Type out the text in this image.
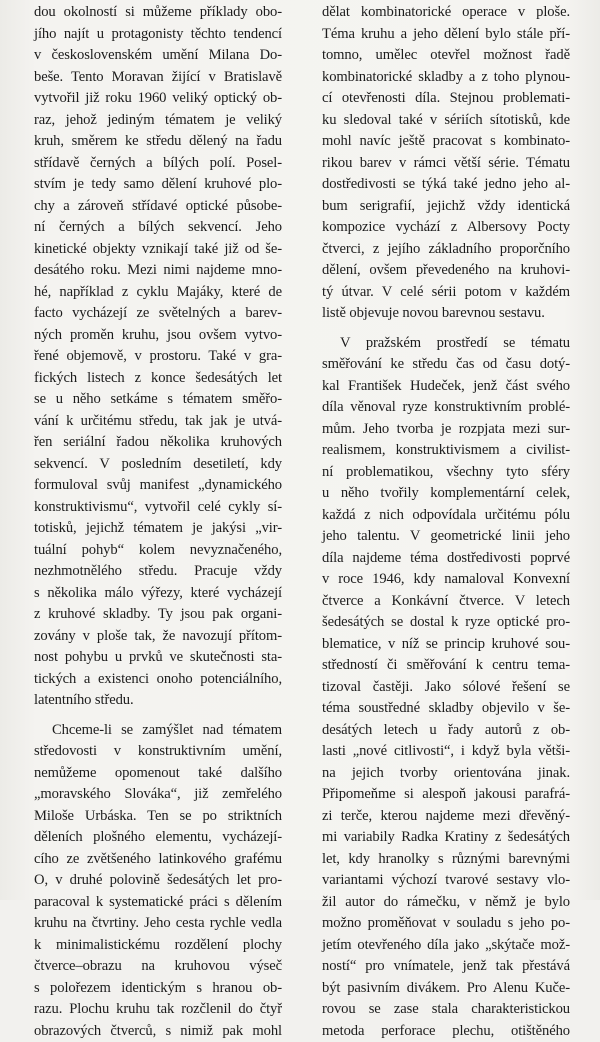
dou okolností si můžeme příklady obo-
jího najít u protagonisty těchto tendencí
v československém umění Milana Do-
beše. Tento Moravan žijící v Bratislavě
vytvořil již roku 1960 veliký optický ob-
raz, jehož jediným tématem je veliký
kruh, směrem ke středu dělený na řadu
střídavě černých a bílých polí. Posel-
stvím je tedy samo dělení kruhové plo-
chy a zároveň střídavé optické působe-
ní černých a bílých sekvencí. Jeho
kinetické objekty vznikají také již od še-
desátého roku. Mezi nimi najdeme mno-
hé, například z cyklu Majáky, které de
facto vycházejí ze světelných a barev-
ných proměn kruhu, jsou ovšem vytvo-
řené objemově, v prostoru. Také v gra-
fických listech z konce šedesátých let
se u něho setkáme s tématem směřo-
vání k určitému středu, tak jak je utvá-
řen seriální řadou několika kruhových
sekvencí. V posledním desetiletí, kdy
formuloval svůj manifest „dynamického
konstruktivismu“, vytvořil celé cykly sí-
totisků, jejichž tématem je jakýsi „vir-
tuální pohyb“ kolem nevyznačeného,
nezhmotnělého středu. Pracuje vždy
s několika málo výřezy, které vycházejí
z kruhové skladby. Ty jsou pak organi-
zovány v ploše tak, že navozují přítom-
nost pohybu u prvků ve skutečnosti sta-
tických a existenci onoho potenciálního,
latentního středu.
Chceme-li se zamýšlet nad tématem
středovosti v konstruktivním umění,
nemůžeme opomenout také dalšího
„moravského Slováka“, již zemřelého
Miloše Urbáska. Ten se po striktních
děleních plošného elementu, vycházejí-
cího ze zvětšeného latinkového grafému
O, v druhé polovině šedesátých let pro-
paracoval k systematické práci s dělením
kruhu na čtvrtiny. Jeho cesta rychle vedla
k minimalistickému rozdělení plochy
čtverce–obrazu na kruhovou výseč
s polořezem identickým s hranou ob-
razu. Plochu kruhu tak rozčlenil do čtyř
obrazových čtverců, s nimiž pak mohl
dělat kombinatorické operace v ploše.
Téma kruhu a jeho dělení bylo stále pří-
tomno, umělec otevřel možnost řadě
kombinatorické skladby a z toho plynou-
cí otevřenosti díla. Stejnou problemati-
ku sledoval také v sériích sítotisků, kde
mohl navíc ještě pracovat s kombinato-
rikou barev v rámci větší série. Tématu
dostředivosti se týká také jedno jeho al-
bum serigrafií, jejichž vždy identická
kompozice vychází z Albersovy Pocty
čtverci, z jejího základního proporčního
dělení, ovšem převedeného na kruhovi-
tý útvar. V celé sérii potom v každém
listě objevuje novou barevnou sestavu.
V pražském prostředí se tématu
směřování ke středu čas od času dotý-
kal František Hudeček, jenž část svého
díla věnoval ryze konstruktivním problé-
mům. Jeho tvorba je rozpjata mezi sur-
realismem, konstruktivismem a civilist-
ní problematikou, všechny tyto sféry
u něho tvořily komplementární celek,
každá z nich odpovídala určitému pólu
jeho talentu. V geometrické linii jeho
díla najdeme téma dostředivosti poprvé
v roce 1946, kdy namaloval Konvexní
čtverce a Konkávní čtverce. V letech
šedesátých se dostal k ryze optické pro-
blematice, v níž se princip kruhové sou-
středností či směřování k centru tema-
tizoval častěji. Jako sólové řešení se
téma soustředné skladby objevilo v še-
desátých letech u řady autorů z ob-
lasti „nové citlivosti“, i když byla větši-
na jejich tvorby orientována jinak.
Připomeňme si alespoň jakousi parafrá-
zi terče, kterou najdeme mezi dřevěný-
mi variabily Radka Kratiny z šedesátých
let, kdy hranolky s různými barevnými
variantami výchozí tvarové sestavy vlo-
žil autor do rámečku, v němž je bylo
možno proměňovat v souladu s jeho po-
jetím otevřeného díla jako „skýtače mož-
ností“ pro vnímatele, jenž tak přestává
být pasivním divákem. Pro Alenu Kuče-
rovou se zase stala charakteristickou
metoda perforace plechu, otištěného
